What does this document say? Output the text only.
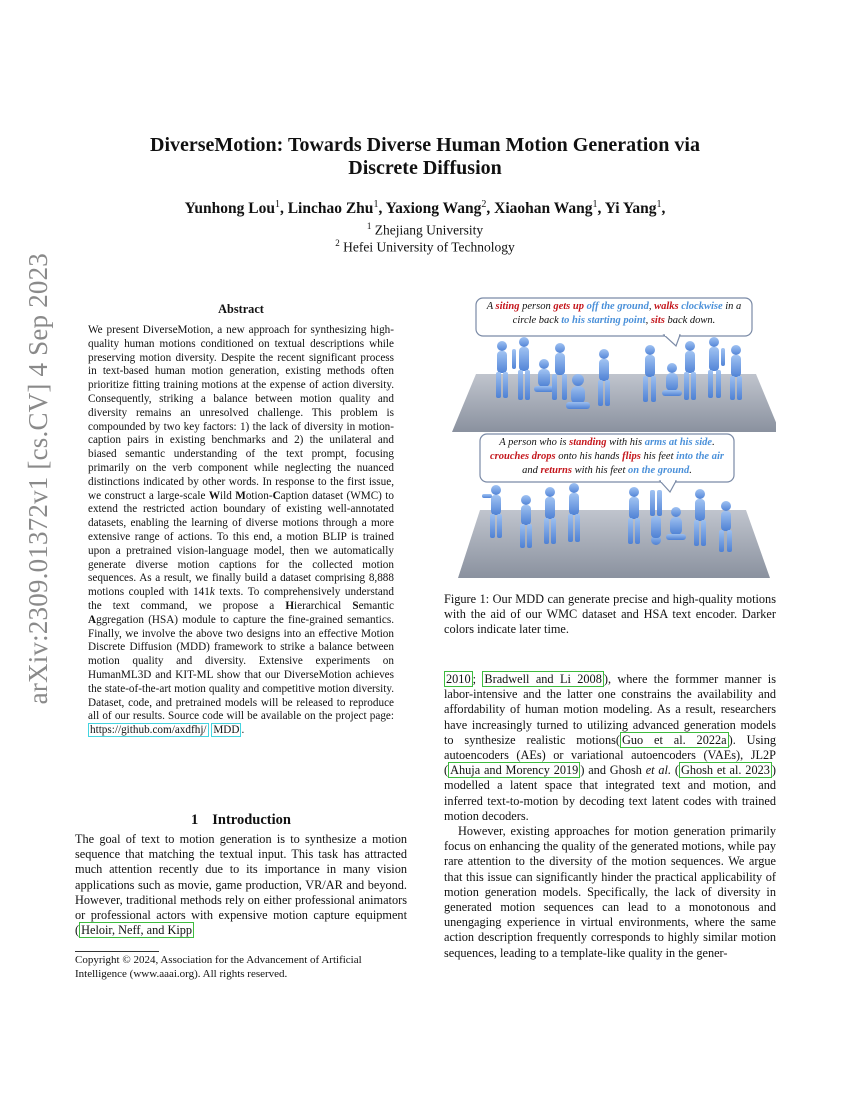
arXiv:2309.01372v1 [cs.CV] 4 Sep 2023
DiverseMotion: Towards Diverse Human Motion Generation via
Discrete Diffusion
Yunhong Lou$^1$, Linchao Zhu$^1$, Yaxiong Wang$^2$, Xiaohan Wang$^1$, Yi Yang$^1$,
$^1$ Zhejiang University
$^2$ Hefei University of Technology
Abstract

We present DiverseMotion, a new approach for synthesizing high-quality human motions conditioned on textual descriptions while preserving motion diversity. Despite the recent significant process in text-based human motion generation, existing methods often prioritize fitting training motions at the expense of action diversity. Consequently, striking a balance between motion quality and diversity remains an unresolved challenge. This problem is compounded by two key factors: 1) the lack of diversity in motion-caption pairs in existing benchmarks and 2) the unilateral and biased semantic understanding of the text prompt, focusing primarily on the verb component while neglecting the nuanced distinctions indicated by other words. In response to the first issue, we construct a large-scale Wild Motion-Caption dataset (WMC) to extend the restricted action boundary of existing well-annotated datasets, enabling the learning of diverse motions through a more extensive range of actions. To this end, a motion BLIP is trained upon a pretrained vision-language model, then we automatically generate diverse motion captions for the collected motion sequences. As a result, we finally build a dataset comprising 8,888 motions coupled with 141k texts. To comprehensively understand the text command, we propose a Hierarchical Semantic Aggregation (HSA) module to capture the fine-grained semantics. Finally, we involve the above two designs into an effective Motion Discrete Diffusion (MDD) framework to strike a balance between motion quality and diversity. Extensive experiments on HumanML3D and KIT-ML show that our DiverseMotion achieves the state-of-the-art motion quality and competitive motion diversity. Dataset, code, and pretrained models will be released to reproduce all of our results. Source code will be available on the project page: https://github.com/axdfhj/ MDD .

1 Introduction

The goal of text to motion generation is to synthesize a motion sequence that matching the textual input. This task has attracted much attention recently due to its importance in many vision applications such as movie, game production, VR/AR and beyond. However, traditional methods rely on either professional animators or professional actors with expensive motion capture equipment ( Heloir, Neff, and Kipp

Copyright © 2024, Association for the Advancement of Artificial Intelligence (www.aaai.org). All rights reserved.
A siting person gets up off the ground, walks clockwise in a circle back to his starting point, sits back down.
A person who is standing with his arms at his side. crouches drops onto his hands flips his feet into the air and returns with his feet on the ground.
Figure 1: Our MDD can generate precise and high-quality motions with the aid of our WMC dataset and HSA text encoder. Darker colors indicate later time.

2010 ; Bradwell and Li 2008 ), where the formmer manner is labor-intensive and the latter one constrains the availability and affordability of human motion modeling. As a result, researchers have increasingly turned to utilizing advanced generation models to synthesize realistic motions( Guo et al. 2022a ). Using autoencoders (AEs) or variational autoencoders (VAEs), JL2P ( Ahuja and Morency 2019 ) and Ghosh et al. ( Ghosh et al. 2023 ) modelled a latent space that integrated text and motion, and inferred text-to-motion by decoding text latent codes with trained motion decoders.

However, existing approaches for motion generation primarily focus on enhancing the quality of the generated motions, while pay rare attention to the diversity of the motion sequences. We argue that this issue can significantly hinder the practical applicability of motion generation models. Specifically, the lack of diversity in generated motion sequences can lead to a monotonous and unengaging experience in virtual environments, where the same action description frequently corresponds to highly similar motion sequences, leading to a template-like quality in the gener-
